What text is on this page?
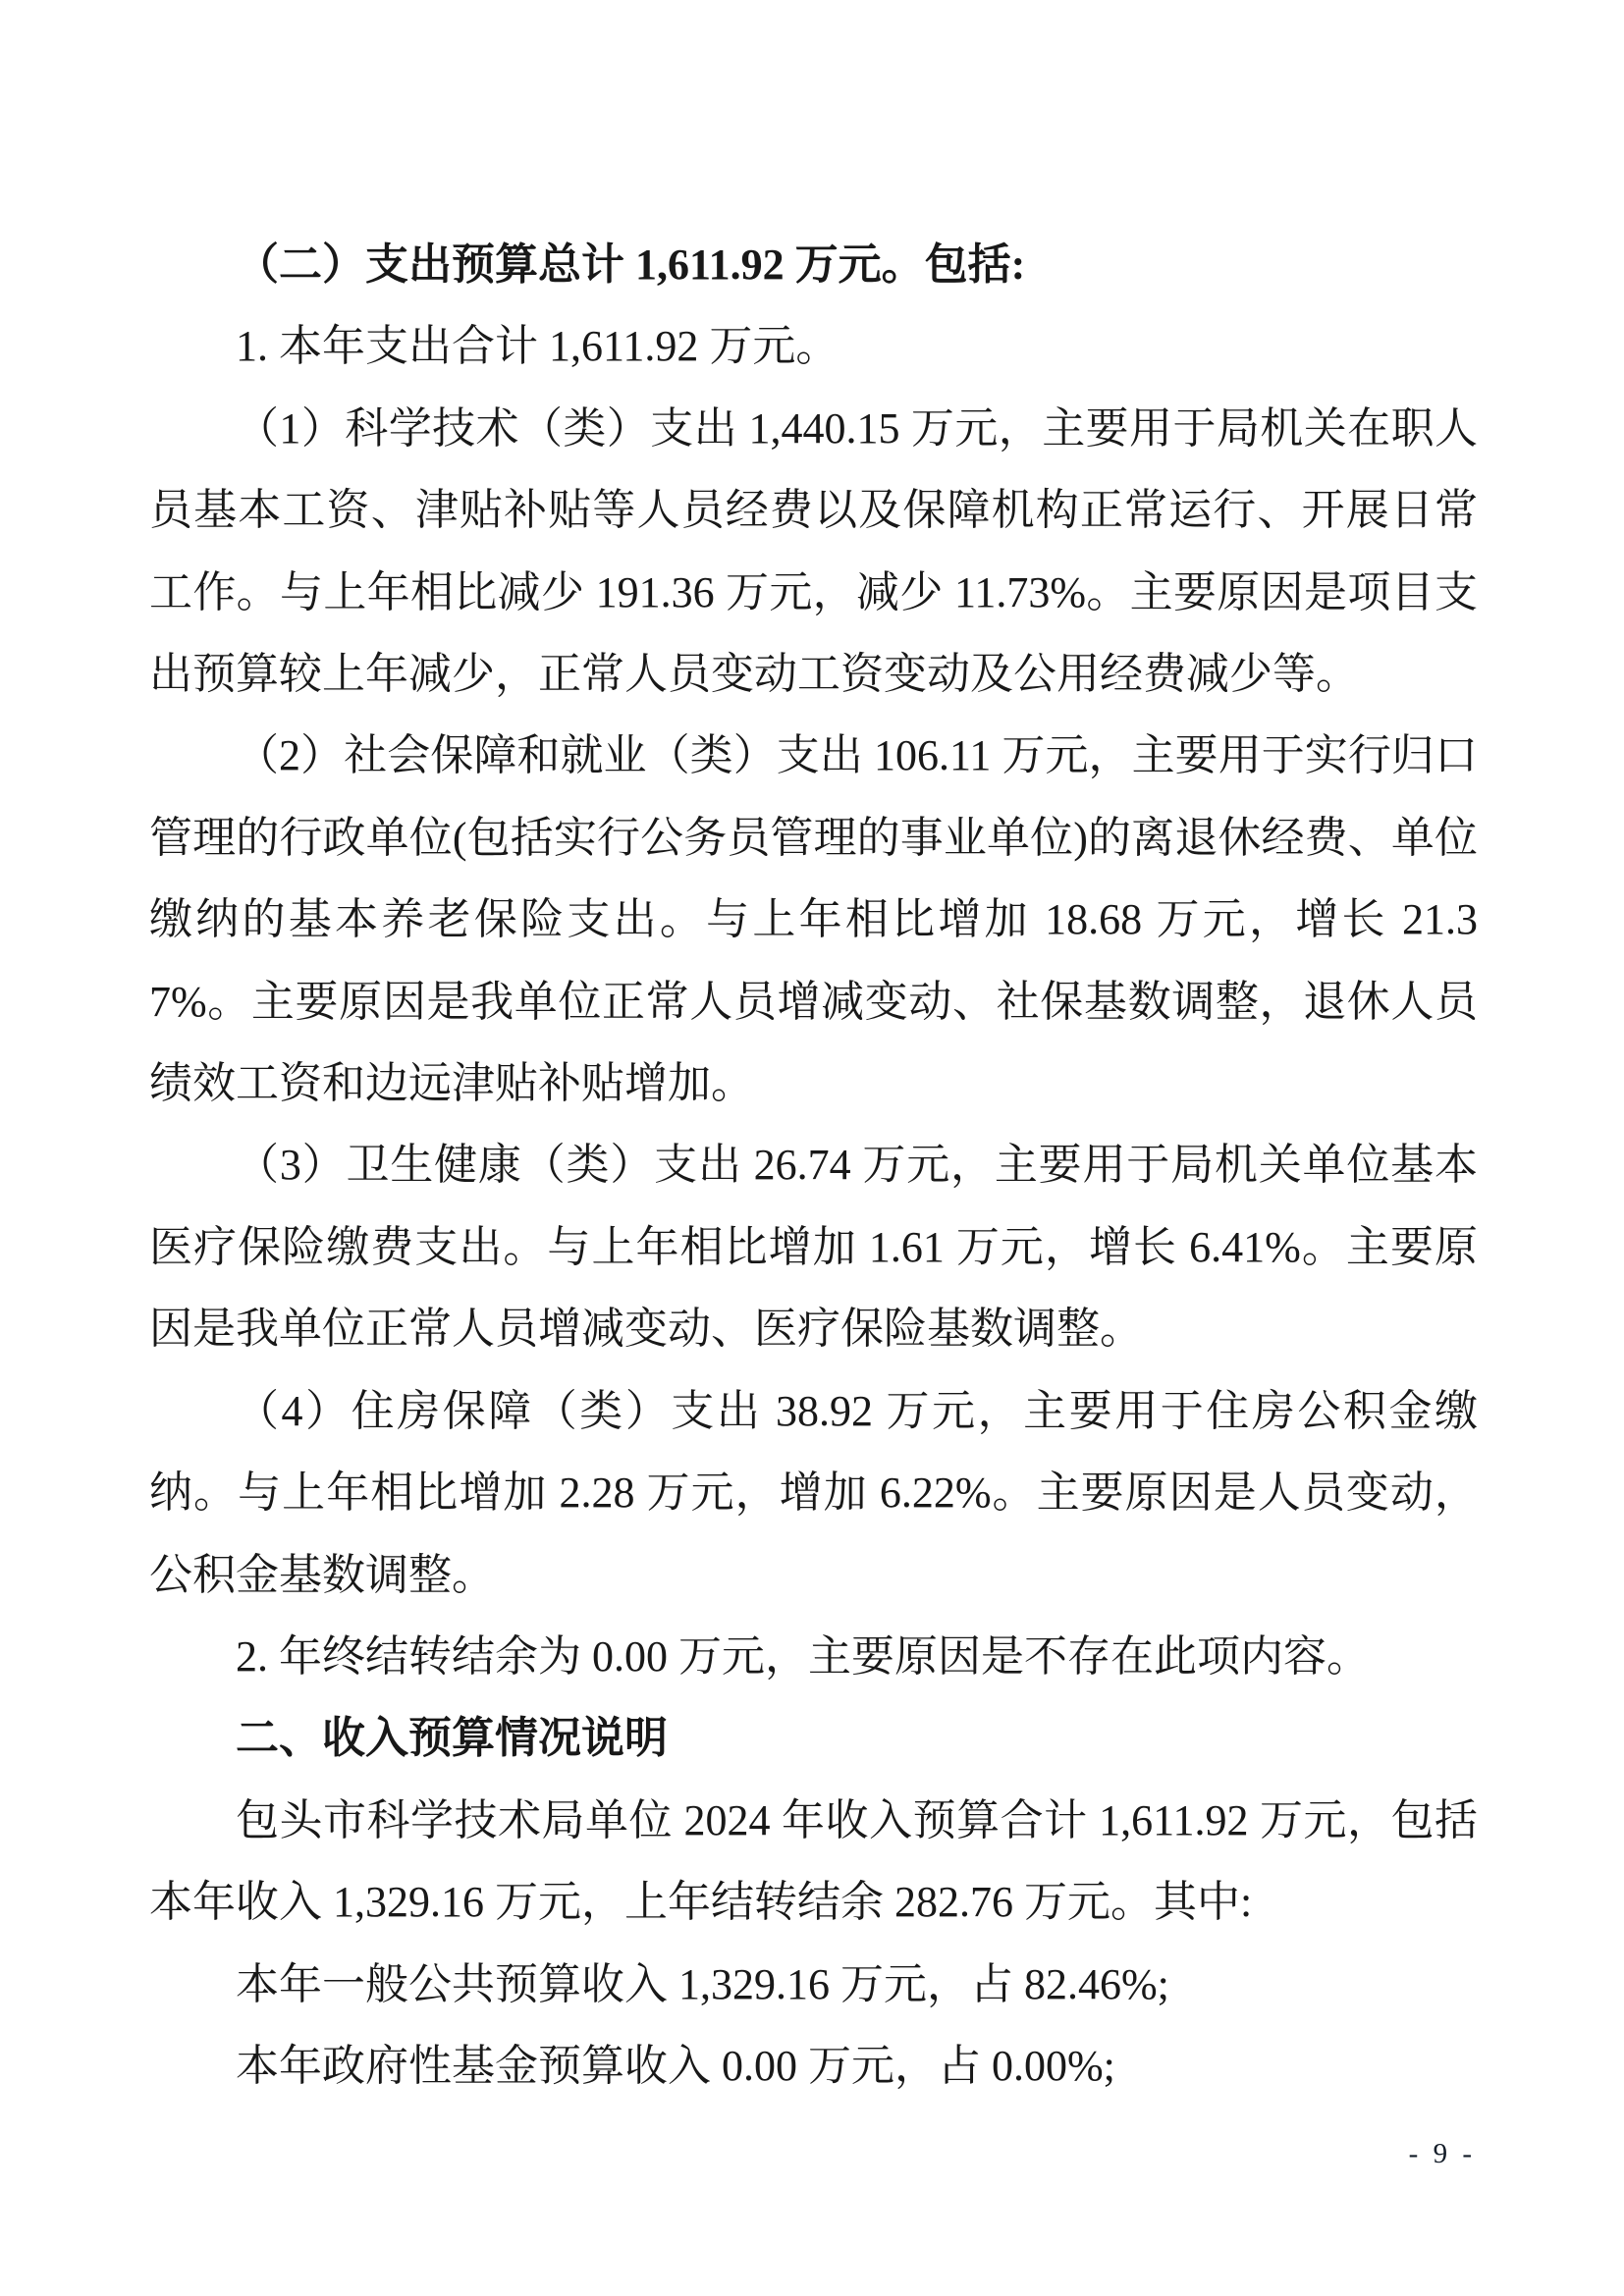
（二）支出预算总计 1,611.92 万元。包括:

1. 本年支出合计 1,611.92 万元。

（1）科学技术（类）支出 1,440.15 万元，主要用于局机关在职人员基本工资、津贴补贴等人员经费以及保障机构正常运行、开展日常工作。与上年相比减少 191.36 万元，减少 11.73%。主要原因是项目支出预算较上年减少，正常人员变动工资变动及公用经费减少等。

（2）社会保障和就业（类）支出 106.11 万元，主要用于实行归口管理的行政单位(包括实行公务员管理的事业单位)的离退休经费、单位缴纳的基本养老保险支出。与上年相比增加 18.68 万元，增长 21.37%。主要原因是我单位正常人员增减变动、社保基数调整，退休人员绩效工资和边远津贴补贴增加。

（3）卫生健康（类）支出 26.74 万元，主要用于局机关单位基本医疗保险缴费支出。与上年相比增加 1.61 万元，增长 6.41%。主要原因是我单位正常人员增减变动、医疗保险基数调整。

（4）住房保障（类）支出 38.92 万元，主要用于住房公积金缴纳。与上年相比增加 2.28 万元，增加 6.22%。主要原因是人员变动，公积金基数调整。

2. 年终结转结余为 0.00 万元，主要原因是不存在此项内容。

二、收入预算情况说明

包头市科学技术局单位 2024 年收入预算合计 1,611.92 万元，包括本年收入 1,329.16 万元，上年结转结余 282.76 万元。其中:

本年一般公共预算收入 1,329.16 万元，占 82.46%;

本年政府性基金预算收入 0.00 万元，占 0.00%;

- 9 -
